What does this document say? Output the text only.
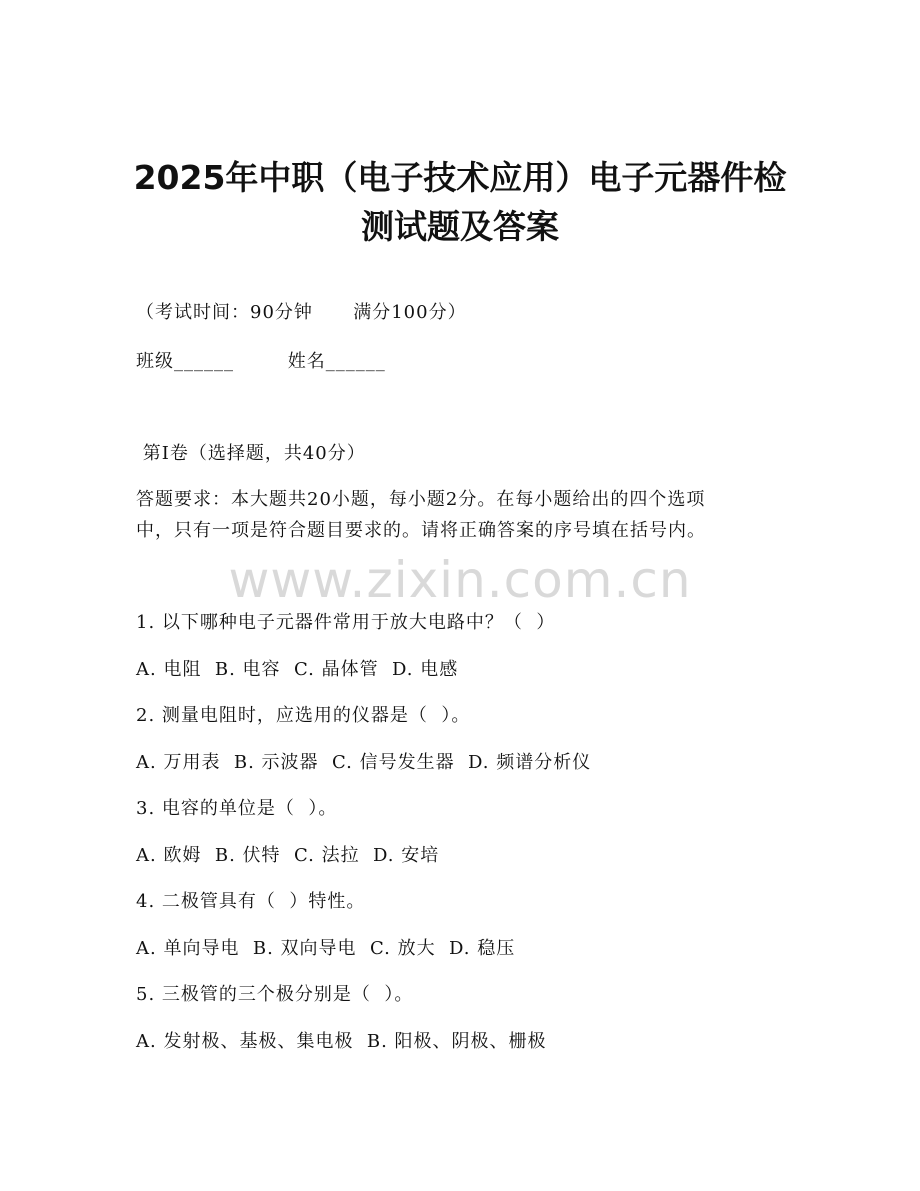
2025年中职（电子技术应用）电子元器件检
测试题及答案
（考试时间：90分钟      满分100分）
班级______        姓名______
第I卷（选择题，共40分）
答题要求：本大题共20小题，每小题2分。在每小题给出的四个选项
中，只有一项是符合题目要求的。请将正确答案的序号填在括号内。
www.zixin.com.cn
1. 以下哪种电子元器件常用于放大电路中？（  ）
A. 电阻  B. 电容  C. 晶体管  D. 电感
2. 测量电阻时，应选用的仪器是（  ）。
A. 万用表  B. 示波器  C. 信号发生器  D. 频谱分析仪
3. 电容的单位是（  ）。
A. 欧姆  B. 伏特  C. 法拉  D. 安培
4. 二极管具有（  ）特性。
A. 单向导电  B. 双向导电  C. 放大  D. 稳压
5. 三极管的三个极分别是（  ）。
A. 发射极、基极、集电极  B. 阳极、阴极、栅极
